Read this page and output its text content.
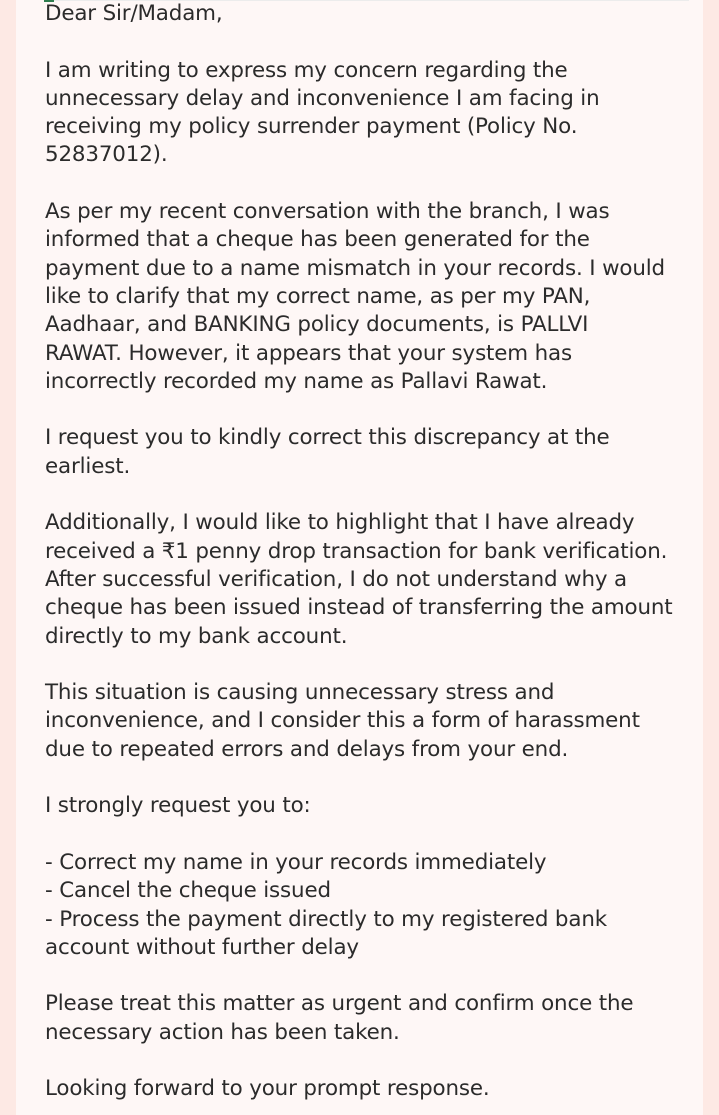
Dear Sir/Madam,
I am writing to express my concern regarding the
unnecessary delay and inconvenience I am facing in
receiving my policy surrender payment (Policy No.
52837012).
As per my recent conversation with the branch, I was
informed that a cheque has been generated for the
payment due to a name mismatch in your records. I would
like to clarify that my correct name, as per my PAN,
Aadhaar, and BANKING policy documents, is PALLVI
RAWAT. However, it appears that your system has
incorrectly recorded my name as Pallavi Rawat.
I request you to kindly correct this discrepancy at the
earliest.
Additionally, I would like to highlight that I have already
received a ₹1 penny drop transaction for bank verification.
After successful verification, I do not understand why a
cheque has been issued instead of transferring the amount
directly to my bank account.
This situation is causing unnecessary stress and
inconvenience, and I consider this a form of harassment
due to repeated errors and delays from your end.
I strongly request you to:
- Correct my name in your records immediately
- Cancel the cheque issued
- Process the payment directly to my registered bank
account without further delay
Please treat this matter as urgent and confirm once the
necessary action has been taken.
Looking forward to your prompt response.
